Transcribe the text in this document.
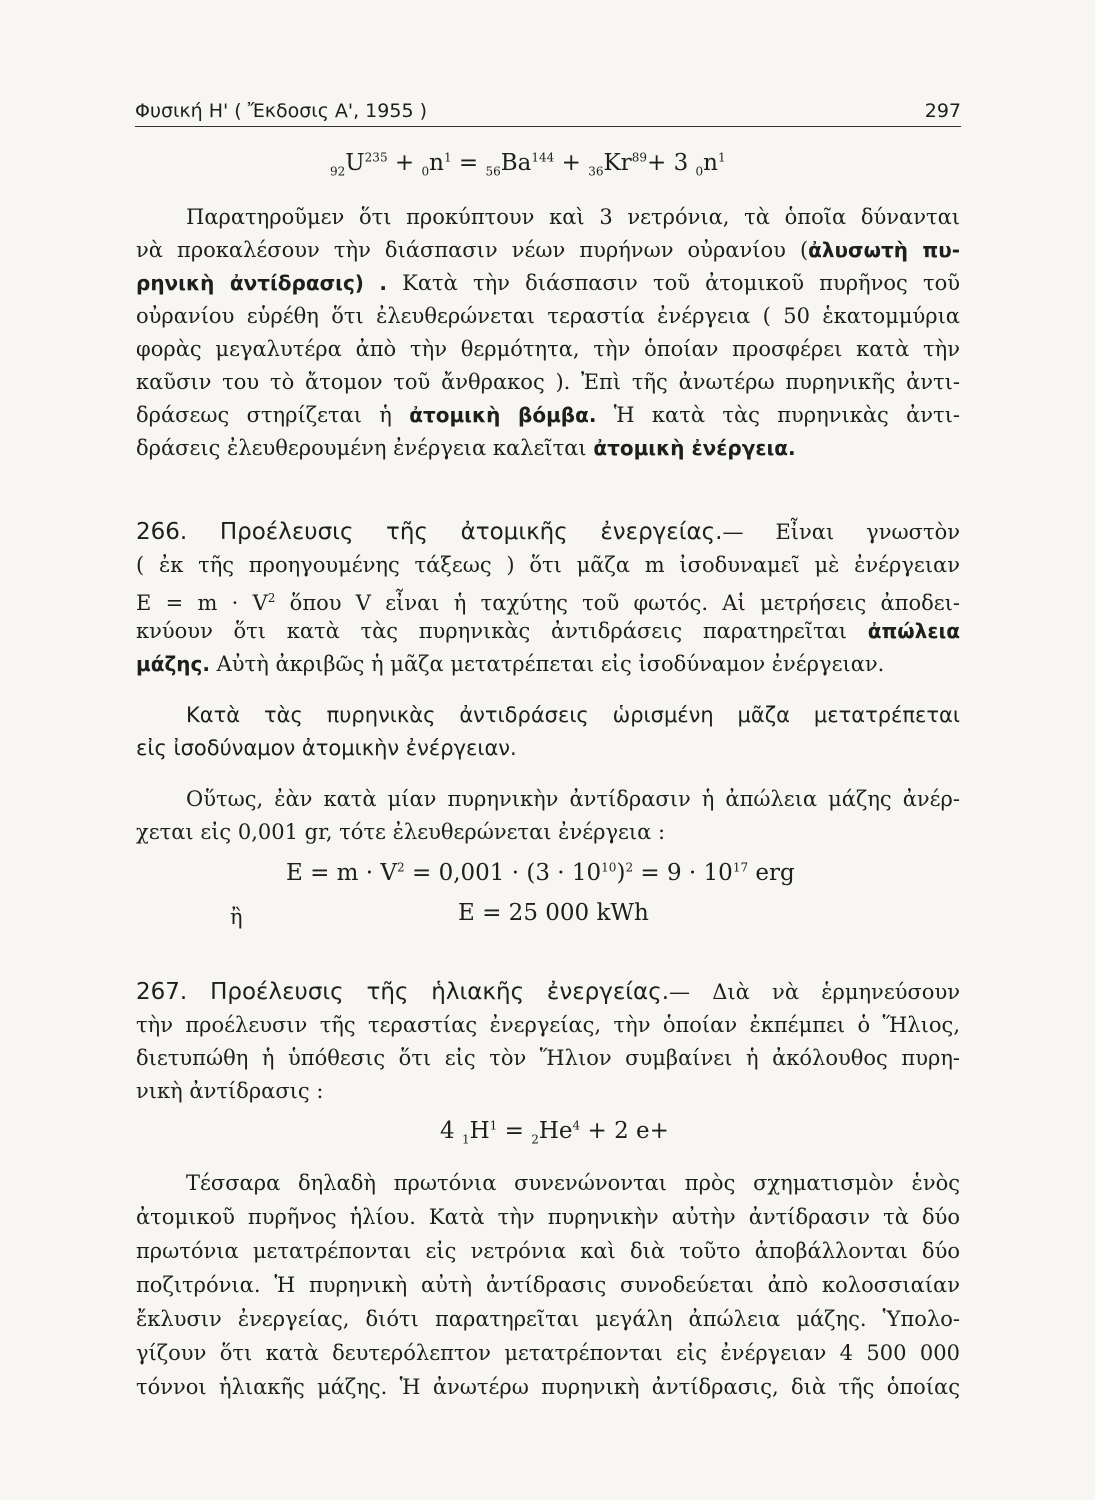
Φυσική Η' ( Ἔκδοσις Α', 1955 )	297
$_{92}U^{235} + _0n^1 = _{56}Ba^{144} + _{36}Kr^{89}+ 3$ $_0n^1$
Παρατηροῦμεν ὅτι προκύπτουν καὶ 3 νετρόνια, τὰ ὁποῖα δύνανται
νὰ προκαλέσουν τὴν διάσπασιν νέων πυρήνων οὐρανίου (ἀλυσωτὴ πυ-
ρηνικὴ ἀντίδρασις) . Κατὰ τὴν διάσπασιν τοῦ ἀτομικοῦ πυρῆνος τοῦ
οὐρανίου εὑρέθη ὅτι ἐλευθερώνεται τεραστία ἐνέργεια ( 50 ἑκατομμύρια
φορὰς μεγαλυτέρα ἀπὸ τὴν θερμότητα, τὴν ὁποίαν προσφέρει κατὰ τὴν
καῦσιν του τὸ ἄτομον τοῦ ἄνθρακος ). Ἐπὶ τῆς ἀνωτέρω πυρηνικῆς ἀντι-
δράσεως στηρίζεται ἡ ἀτομικὴ βόμβα. Ἡ κατὰ τὰς πυρηνικὰς ἀντι-
δράσεις ἐλευθερουμένη ἐνέργεια καλεῖται ἀτομικὴ ἐνέργεια.
266. Προέλευσις τῆς ἀτομικῆς ἐνεργείας.— Εἶναι γνωστὸν
( ἐκ τῆς προηγουμένης τάξεως ) ὅτι μᾶζα m ἰσοδυναμεῖ μὲ ἐνέργειαν
$E = m \cdot V^2$ ὅπου V εἶναι ἡ ταχύτης τοῦ φωτός. Αἱ μετρήσεις ἀποδει-
κνύουν ὅτι κατὰ τὰς πυρηνικὰς ἀντιδράσεις παρατηρεῖται ἀπώλεια
μάζης. Αὐτὴ ἀκριβῶς ἡ μᾶζα μετατρέπεται εἰς ἰσοδύναμον ἐνέργειαν.
Κατὰ τὰς πυρηνικὰς ἀντιδράσεις ὡρισμένη μᾶζα μετατρέπεται
εἰς ἰσοδύναμον ἀτομικὴν ἐνέργειαν.
Οὕτως, ἐὰν κατὰ μίαν πυρηνικὴν ἀντίδρασιν ἡ ἀπώλεια μάζης ἀνέρ-
χεται εἰς 0,001 gr, τότε ἐλευθερώνεται ἐνέργεια :
$E = m \cdot V^2 = 0,001 \cdot (3 \cdot 10^{10})^2 = 9 \cdot 10^{17}$ erg
ἢ	E = 25 000 kWh
267. Προέλευσις τῆς ἡλιακῆς ἐνεργείας.— Διὰ νὰ ἑρμηνεύσουν
τὴν προέλευσιν τῆς τεραστίας ἐνεργείας, τὴν ὁποίαν ἐκπέμπει ὁ Ἥλιος,
διετυπώθη ἡ ὑπόθεσις ὅτι εἰς τὸν Ἥλιον συμβαίνει ἡ ἀκόλουθος πυρη-
νικὴ ἀντίδρασις :
4 $_1H^1 = _2He^4 + 2$ e+
Τέσσαρα δηλαδὴ πρωτόνια συνενώνονται πρὸς σχηματισμὸν ἑνὸς
ἀτομικοῦ πυρῆνος ἡλίου. Κατὰ τὴν πυρηνικὴν αὐτὴν ἀντίδρασιν τὰ δύο
πρωτόνια μετατρέπονται εἰς νετρόνια καὶ διὰ τοῦτο ἀποβάλλονται δύο
ποζιτρόνια. Ἡ πυρηνικὴ αὐτὴ ἀντίδρασις συνοδεύεται ἀπὸ κολοσσιαίαν
ἔκλυσιν ἐνεργείας, διότι παρατηρεῖται μεγάλη ἀπώλεια μάζης. Ὑπολο-
γίζουν ὅτι κατὰ δευτερόλεπτον μετατρέπονται εἰς ἐνέργειαν 4 500 000
τόννοι ἡλιακῆς μάζης. Ἡ ἀνωτέρω πυρηνικὴ ἀντίδρασις, διὰ τῆς ὁποίας
